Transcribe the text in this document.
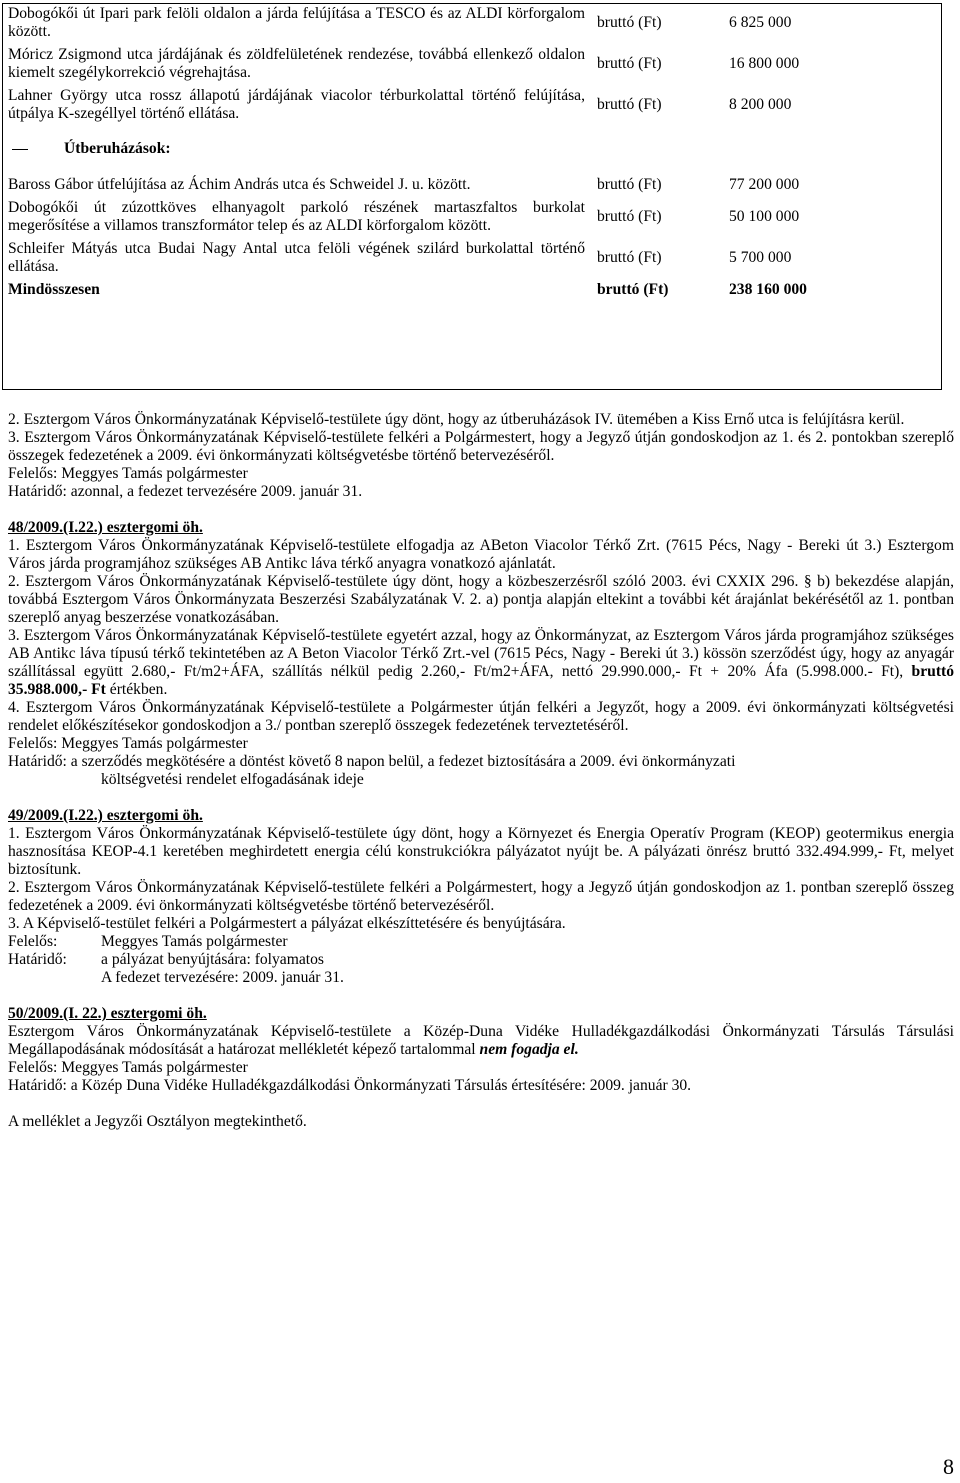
Dobogókői út Ipari park felöli oldalon a járda felújítása a TESCO és az ALDI körforgalom között.	bruttó (Ft)	6 825 000
Móricz Zsigmond utca járdájának és zöldfelületének rendezése, továbbá ellenkező oldalon kiemelt szegélykorrekció végrehajtása.	bruttó (Ft)	16 800 000
Lahner György utca rossz állapotú járdájának viacolor térburkolattal történő felújítása, útpálya K-szegéllyel történő ellátása.	bruttó (Ft)	8 200 000
Útberuházások:		
Baross Gábor útfelújítása az Áchim András utca és Schweidel J. u. között.	bruttó (Ft)	77 200 000
Dobogókői út zúzottköves elhanyagolt parkoló részének martaszfaltos burkolat megerősítése a villamos transzformátor telep és az ALDI körforgalom között.	bruttó (Ft)	50 100 000
Schleifer Mátyás utca Budai Nagy Antal utca felöli végének szilárd burkolattal történő ellátása.	bruttó (Ft)	5 700 000
Mindösszesen	bruttó (Ft)	238 160 000

2. Esztergom Város Önkormányzatának Képviselő-testülete úgy dönt, hogy az útberuházások IV. ütemében a Kiss Ernő utca is felújításra kerül.

3. Esztergom Város Önkormányzatának Képviselő-testülete felkéri a Polgármestert, hogy a Jegyző útján gondoskodjon az 1. és 2. pontokban szereplő összegek fedezetének a 2009. évi önkormányzati költségvetésbe történő betervezéséről.

Felelős: Meggyes Tamás polgármester

Határidő: azonnal, a fedezet tervezésére 2009. január 31.

48/2009.(I.22.) esztergomi öh.

1. Esztergom Város Önkormányzatának Képviselő-testülete elfogadja az ABeton Viacolor Térkő Zrt. (7615 Pécs, Nagy - Bereki út 3.) Esztergom Város járda programjához szükséges AB Antikc láva térkő anyagra vonatkozó ajánlatát.

2. Esztergom Város Önkormányzatának Képviselő-testülete úgy dönt, hogy a közbeszerzésről szóló 2003. évi CXXIX 296. § b) bekezdése alapján, továbbá Esztergom Város Önkormányzata Beszerzési Szabályzatának V. 2. a) pontja alapján eltekint a további két árajánlat bekérésétől az 1. pontban szereplő anyag beszerzése vonatkozásában.

3. Esztergom Város Önkormányzatának Képviselő-testülete egyetért azzal, hogy az Önkormányzat, az Esztergom Város járda programjához szükséges AB Antikc láva típusú térkő tekintetében az A Beton Viacolor Térkő Zrt.-vel (7615 Pécs, Nagy - Bereki út 3.) kössön szerződést úgy, hogy az anyagár szállítással együtt 2.680,- Ft/m2+ÁFA, szállítás nélkül pedig 2.260,- Ft/m2+ÁFA, nettó 29.990.000,- Ft + 20% Áfa (5.998.000.- Ft), bruttó 35.988.000,- Ft értékben.

4. Esztergom Város Önkormányzatának Képviselő-testülete a Polgármester útján felkéri a Jegyzőt, hogy a 2009. évi önkormányzati költségvetési rendelet előkészítésekor gondoskodjon a 3./ pontban szereplő összegek fedezetének terveztetéséről.

Felelős: Meggyes Tamás polgármester

Határidő: a szerződés megkötésére a döntést követő 8 napon belül, a fedezet biztosítására a 2009. évi önkormányzati

költségvetési rendelet elfogadásának ideje

49/2009.(I.22.) esztergomi öh.

1. Esztergom Város Önkormányzatának Képviselő-testülete úgy dönt, hogy a Környezet és Energia Operatív Program (KEOP) geotermikus energia hasznosítása KEOP-4.1 keretében meghirdetett energia célú konstrukciókra pályázatot nyújt be. A pályázati önrész bruttó 332.494.999,- Ft, melyet biztosítunk.

2. Esztergom Város Önkormányzatának Képviselő-testülete felkéri a Polgármestert, hogy a Jegyző útján gondoskodjon az 1. pontban szereplő összeg fedezetének a 2009. évi önkormányzati költségvetésbe történő betervezéséről.

3. A Képviselő-testület felkéri a Polgármestert a pályázat elkészíttetésére és benyújtására.

Felelős:	Meggyes Tamás polgármester
Határidő:	a pályázat benyújtására: folyamatos

A fedezet tervezésére: 2009. január 31.

50/2009.(I. 22.) esztergomi öh.

Esztergom Város Önkormányzatának Képviselő-testülete a Közép-Duna Vidéke Hulladékgazdálkodási Önkormányzati Társulás Társulási Megállapodásának módosítását a határozat mellékletét képező tartalommal nem fogadja el.

Felelős: Meggyes Tamás polgármester

Határidő: a Közép Duna Vidéke Hulladékgazdálkodási Önkormányzati Társulás értesítésére: 2009. január 30.

A melléklet a Jegyzői Osztályon megtekinthető.

8
